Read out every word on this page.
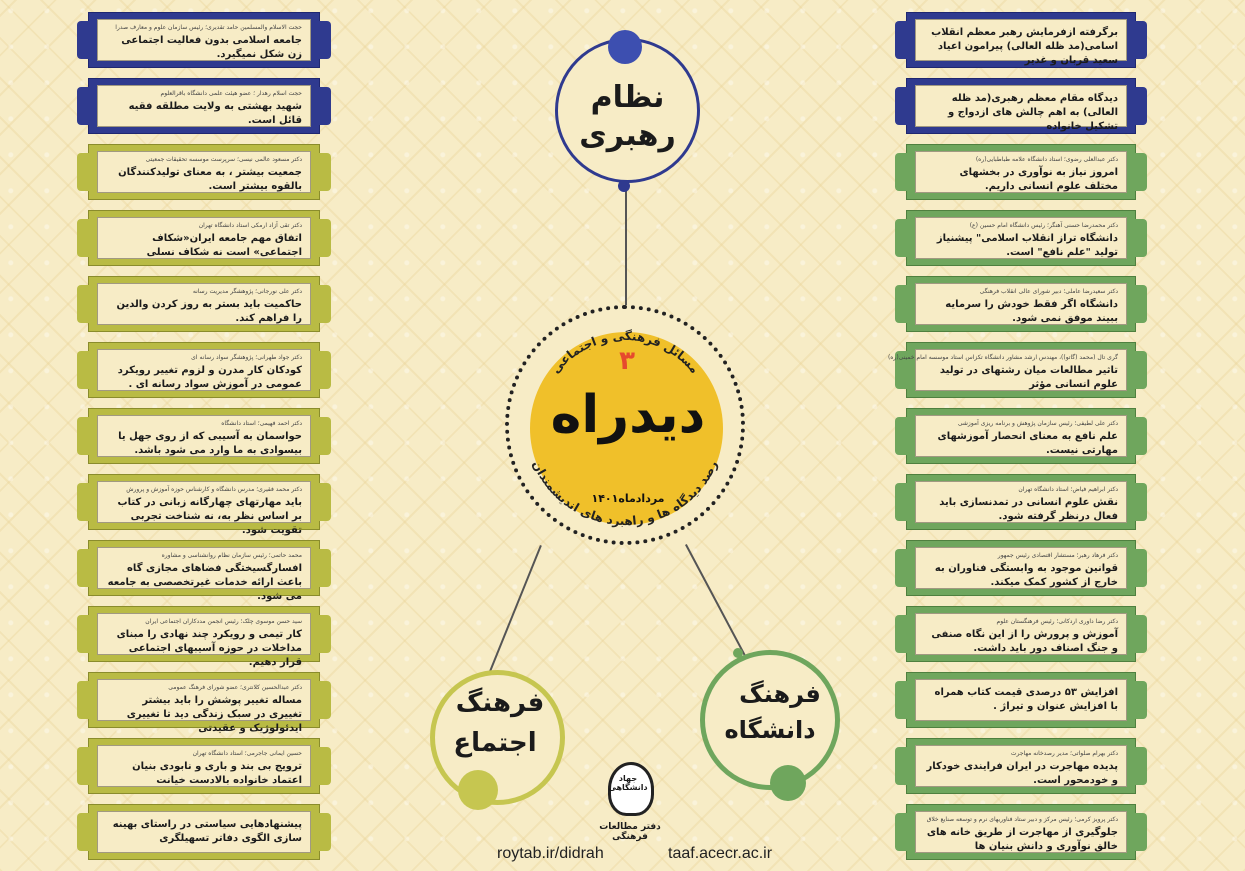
نظام
رهبری
فرهنگ
اجتماع
فرهنگ
دانشگاه
۳
دیدراه
مردادماه۱۴۰۱
مسائل فرهنگی و اجتماعی
رصد دیدگاه ها و راهبرد های اندیشمندان
جهاد دانشگاهی
دفتر مطالعات فرهنگی
roytab.ir/didrah	taaf.acecr.ac.ir
حجت الاسلام والمسلمین حامد تقدیری؛ رئیس سازمان علوم و معارف صدرا
جامعه اسلامی بدون فعالیت اجتماعی زن شکل نمیگیرد.
حجت اسلام رهدار ؛ عضو هیئت علمی دانشگاه باقرالعلوم
شهید بهشتی به ولایت مطلقه فقیه قائل است.
دکتر مسعود عالمی نیسی؛ سرپرست موسسه تحقیقات جمعیتی
جمعیت بیشتر ، به معنای تولیدکنندگان بالقوه بیشتر است.
دکتر تقی آزاد ارمکی استاد دانشگاه تهران
اتفاق مهم جامعه ایران«شکاف اجتماعی» است نه شکاف نسلی
دکتر علی نورجانی؛ پژوهشگر مدیریت رسانه
حاکمیت باید بستر به روز کردن والدین را فراهم کند.
دکتر جواد طهرانی؛ پژوهشگر سواد رسانه ای
کودکان کار مدرن و لزوم تغییر رویکرد عمومی در آموزش سواد رسانه ای .
دکتر احمد فهیمی؛ استاد دانشگاه
حواسمان به آسیبی که از روی جهل یا بیسوادی به ما وارد می شود باشد.
دکتر محمد فقیری؛ مدرس دانشگاه و کارشناس حوزه آموزش و پرورش
باید مهارتهای چهارگانه زبانی در کتاب بر اساس نظر به، نه شناخت تجربی تقویت شود.
محمد حاتمی؛ رئیس سازمان نظام روانشناسی و مشاوره
افسارگسیختگی فضاهای مجازی گاه باعث ارائه خدمات غیرتخصصی به جامعه می شود.
سید حسن موسوی چلک؛ رئیس انجمن مددکاران اجتماعی ایران
کار تیمی و رویکرد چند نهادی را مبنای مداخلات در حوزه آسیبهای اجتماعی قرار دهیم.
دکتر عبدالحسین کلانتری؛ عضو شورای فرهنگ عمومی
مساله تغییر پوشش را باید بیشتر تغییری در سبک زندگی دید تا تغییری ایدئولوژیک و عقیدتی
حسین ایمانی جاجرمی؛ استاد دانشگاه تهران
ترویج بی بند و باری و نابودی بنیان اعتماد خانواده بالادست خیانت
پیشنهادهایی سیاستی در راستای بهینه سازی الگوی دفاتر تسهیلگری
برگرفته ازفرمایش رهبر معظم انقلاب اسامی(مد ظله العالی) پیرامون اعیاد سعید قربان و غدیر
دیدگاه مقام معظم رهبری(مد ظله العالی) به اهم چالش های ازدواج و تشکیل خانواده
دکتر عبدالعلی رضوی؛ استاد دانشگاه علامه طباطبایی(ره)
امروز نیاز به نوآوری در بخشهای مختلف علوم انسانی داریم.
دکتر محمدرضا حسنی آهنگر؛ رئیس دانشگاه امام حسین (ع)
دانشگاه تراز انقلاب اسلامی" پیشنیاز تولید "علم نافع" است.
دکتر سعیدرضا عاملی؛ دبیر شورای عالی انقلاب فرهنگی
دانشگاه اگر فقط خودش را سرمایه ببیند موفق نمی شود.
گری تال (محمد (گاتو))، مهندس ارشد مشاور دانشگاه تکزاس استاد موسسه امام خمینی(ره)
تاثیر مطالعات میان رشتهای در تولید علوم انسانی مؤثر
دکتر علی لطیفی؛ رئیس سازمان پژوهش و برنامه ریزی آموزشی
علم نافع به معنای انحصار آموزشهای مهارتی نیست.
دکتر ابراهیم فیاض؛ استاد دانشگاه تهران
نقش علوم انسانی در تمدنسازی باید فعال درنظر گرفته شود.
دکتر فرهاد رهبر؛ مستشار اقتصادی رئیس جمهور
قوانین موجود به وابستگی فناوران به خارج از کشور کمک میکند.
دکتر رضا داوری اردکانی؛ رئیس فرهنگستان علوم
آموزش و پرورش را از این نگاه صنفی و جنگ اصناف دور باید داشت.
افزایش ۵۳ درصدی قیمت کتاب همراه با افزایش عنوان و تیراژ .
دکتر بهرام صلواتی؛ مدیر رصدخانه مهاجرت
پدیده مهاجرت در ایران فرایندی خودکار و خودمحور است.
دکتر پرویز کرمی؛ رئیس مرکز و دبیر ستاد فناوریهای نرم و توسعه صنایع خلاق
جلوگیری از مهاجرت از طریق خانه های خالق نوآوری و دانش بنیان ها
